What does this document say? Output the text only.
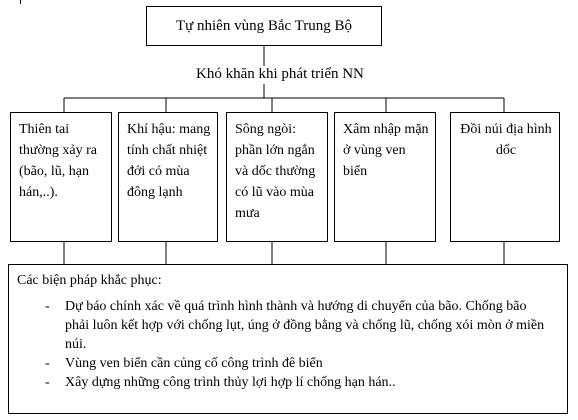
Tự nhiên vùng Bắc Trung Bộ
Khó khăn khi phát triển NN
Thiên tai thường xảy ra (bão, lũ, hạn hán,..).
Khí hậu: mang tính chất nhiệt đới có mùa đông lạnh
Sông ngòi: phần lớn ngắn và dốc thường có lũ vào mùa mưa
Xâm nhập mặn ở vùng ven biển
Đồi núi địa hình dốc
Các biện pháp khắc phục:
- Dự báo chính xác về quá trình hình thành và hướng di chuyển của bão. Chống bão phải luôn kết hợp với chống lụt, úng ở đồng bằng và chống lũ, chống xói mòn ở miền núi.
- Vùng ven biển cần củng cố công trình đê biển
- Xây dựng những công trình thủy lợi hợp lí chống hạn hán..
